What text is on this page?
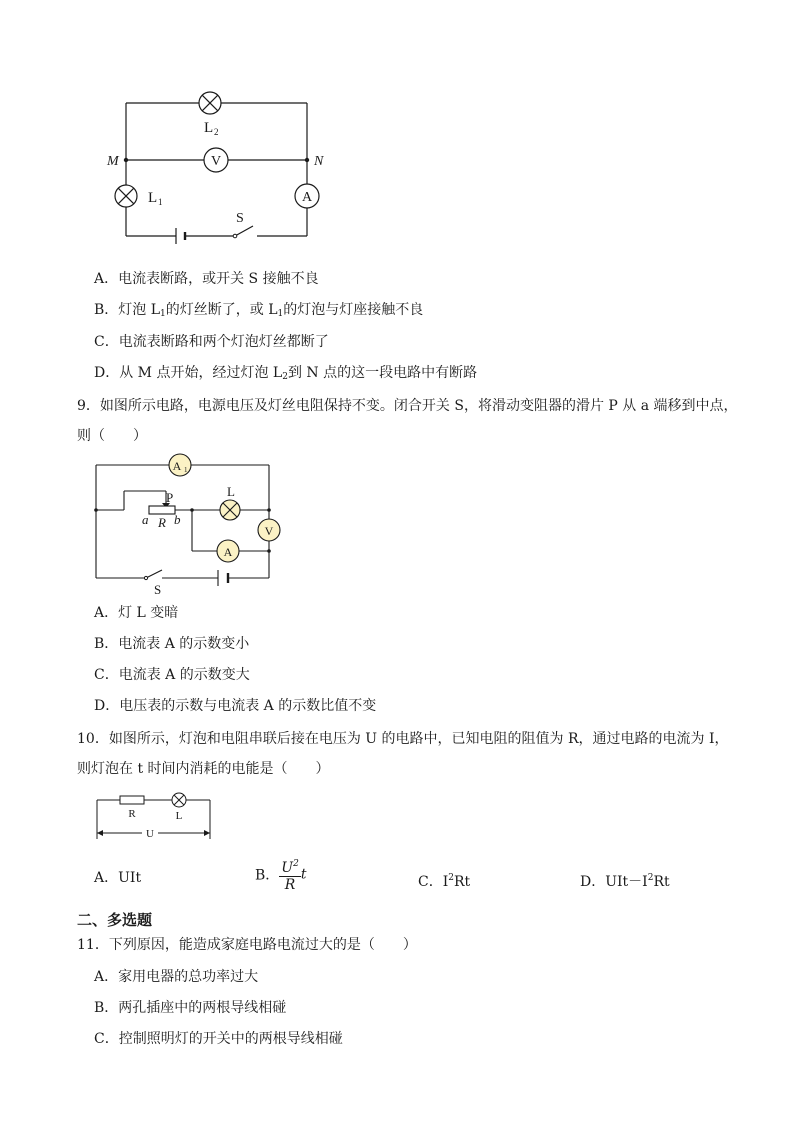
V
A
L 2
M	N
L 1
S
A．电流表断路，或开关 S 接触不良
B．灯泡 $L_1$的灯丝断了，或 $L_1$的灯泡与灯座接触不良
C．电流表断路和两个灯泡灯丝都断了
D．从 M 点开始，经过灯泡 $L_2$到 N 点的这一段电路中有断路
9．如图所示电路，电源电压及灯丝电阻保持不变。闭合开关 S，将滑动变阻器的滑片 P 从 a 端移到中点，
则（　　）
A 1
V
A
P	L
a R b
S
A．灯 L 变暗
B．电流表 A 的示数变小
C．电流表 A 的示数变大
D．电压表的示数与电流表 A 的示数比值不变
10．如图所示，灯泡和电阻串联后接在电压为 U 的电路中，已知电阻的阻值为 R，通过电路的电流为 I，
则灯泡在 t 时间内消耗的电能是（　　）
R	L
U
A．UIt	B． $\frac{U^2}{R}$ t	C．$I^2Rt$	D．$UIt-I^2Rt$
二、多选题
11．下列原因，能造成家庭电路电流过大的是（　　）
A．家用电器的总功率过大
B．两孔插座中的两根导线相碰
C．控制照明灯的开关中的两根导线相碰
